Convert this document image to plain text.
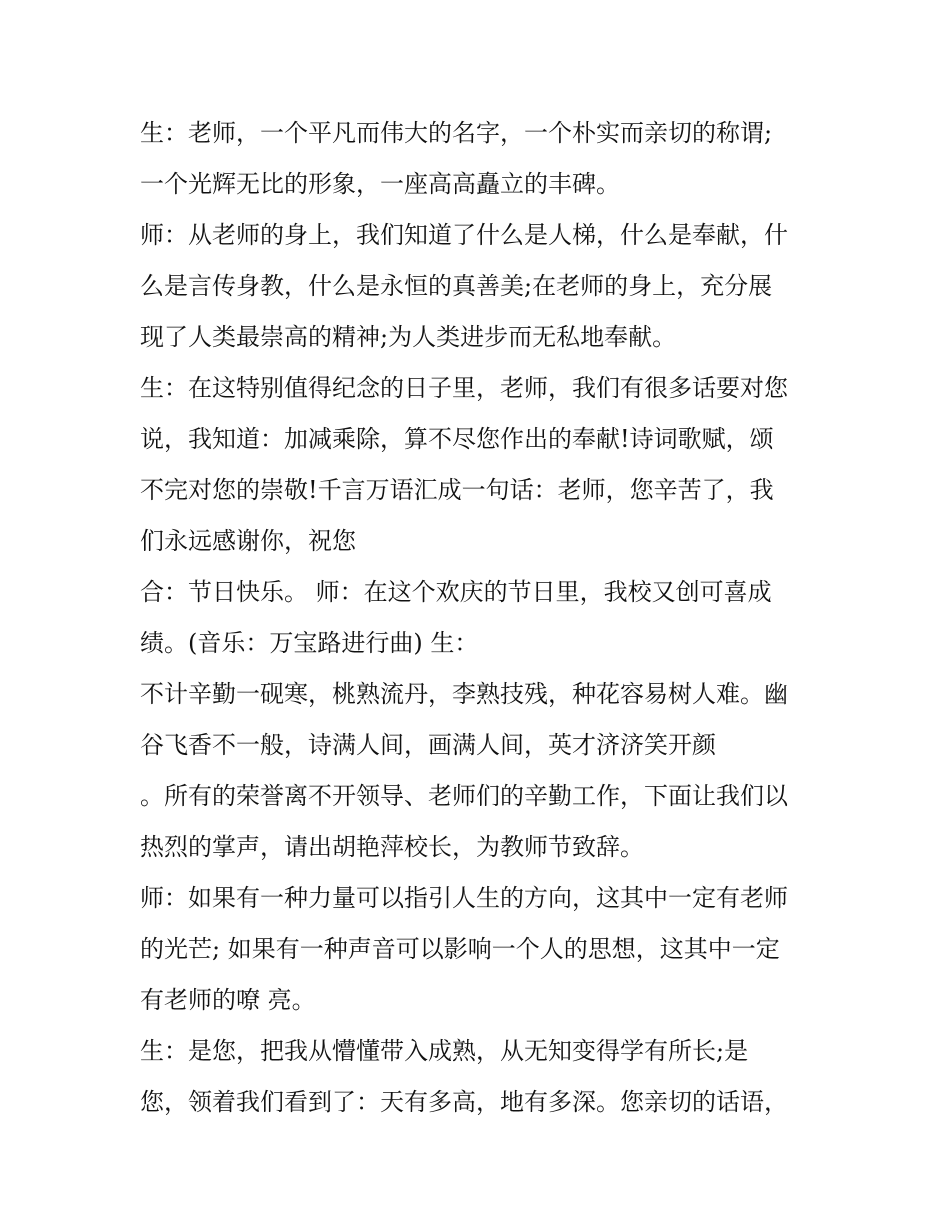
生：老师，一个平凡而伟大的名字，一个朴实而亲切的称谓;
一个光辉无比的形象，一座高高矗立的丰碑。
师：从老师的身上，我们知道了什么是人梯，什么是奉献，什
么是言传身教，什么是永恒的真善美;在老师的身上，充分展
现了人类最崇高的精神;为人类进步而无私地奉献。
生：在这特别值得纪念的日子里，老师，我们有很多话要对您
说，我知道：加减乘除，算不尽您作出的奉献!诗词歌赋，颂
不完对您的崇敬!千言万语汇成一句话：老师，您辛苦了，我
们永远感谢你，祝您
合：节日快乐。 师：在这个欢庆的节日里，我校又创可喜成
绩。(音乐：万宝路进行曲) 生：
不计辛勤一砚寒，桃熟流丹，李熟技残，种花容易树人难。幽
谷飞香不一般，诗满人间，画满人间，英才济济笑开颜
。所有的荣誉离不开领导、老师们的辛勤工作，下面让我们以
热烈的掌声，请出胡艳萍校长，为教师节致辞。
师：如果有一种力量可以指引人生的方向，这其中一定有老师
的光芒; 如果有一种声音可以影响一个人的思想，这其中一定
有老师的嘹 亮。
生：是您，把我从懵懂带入成熟，从无知变得学有所长;是
您，领着我们看到了：天有多高，地有多深。您亲切的话语，
